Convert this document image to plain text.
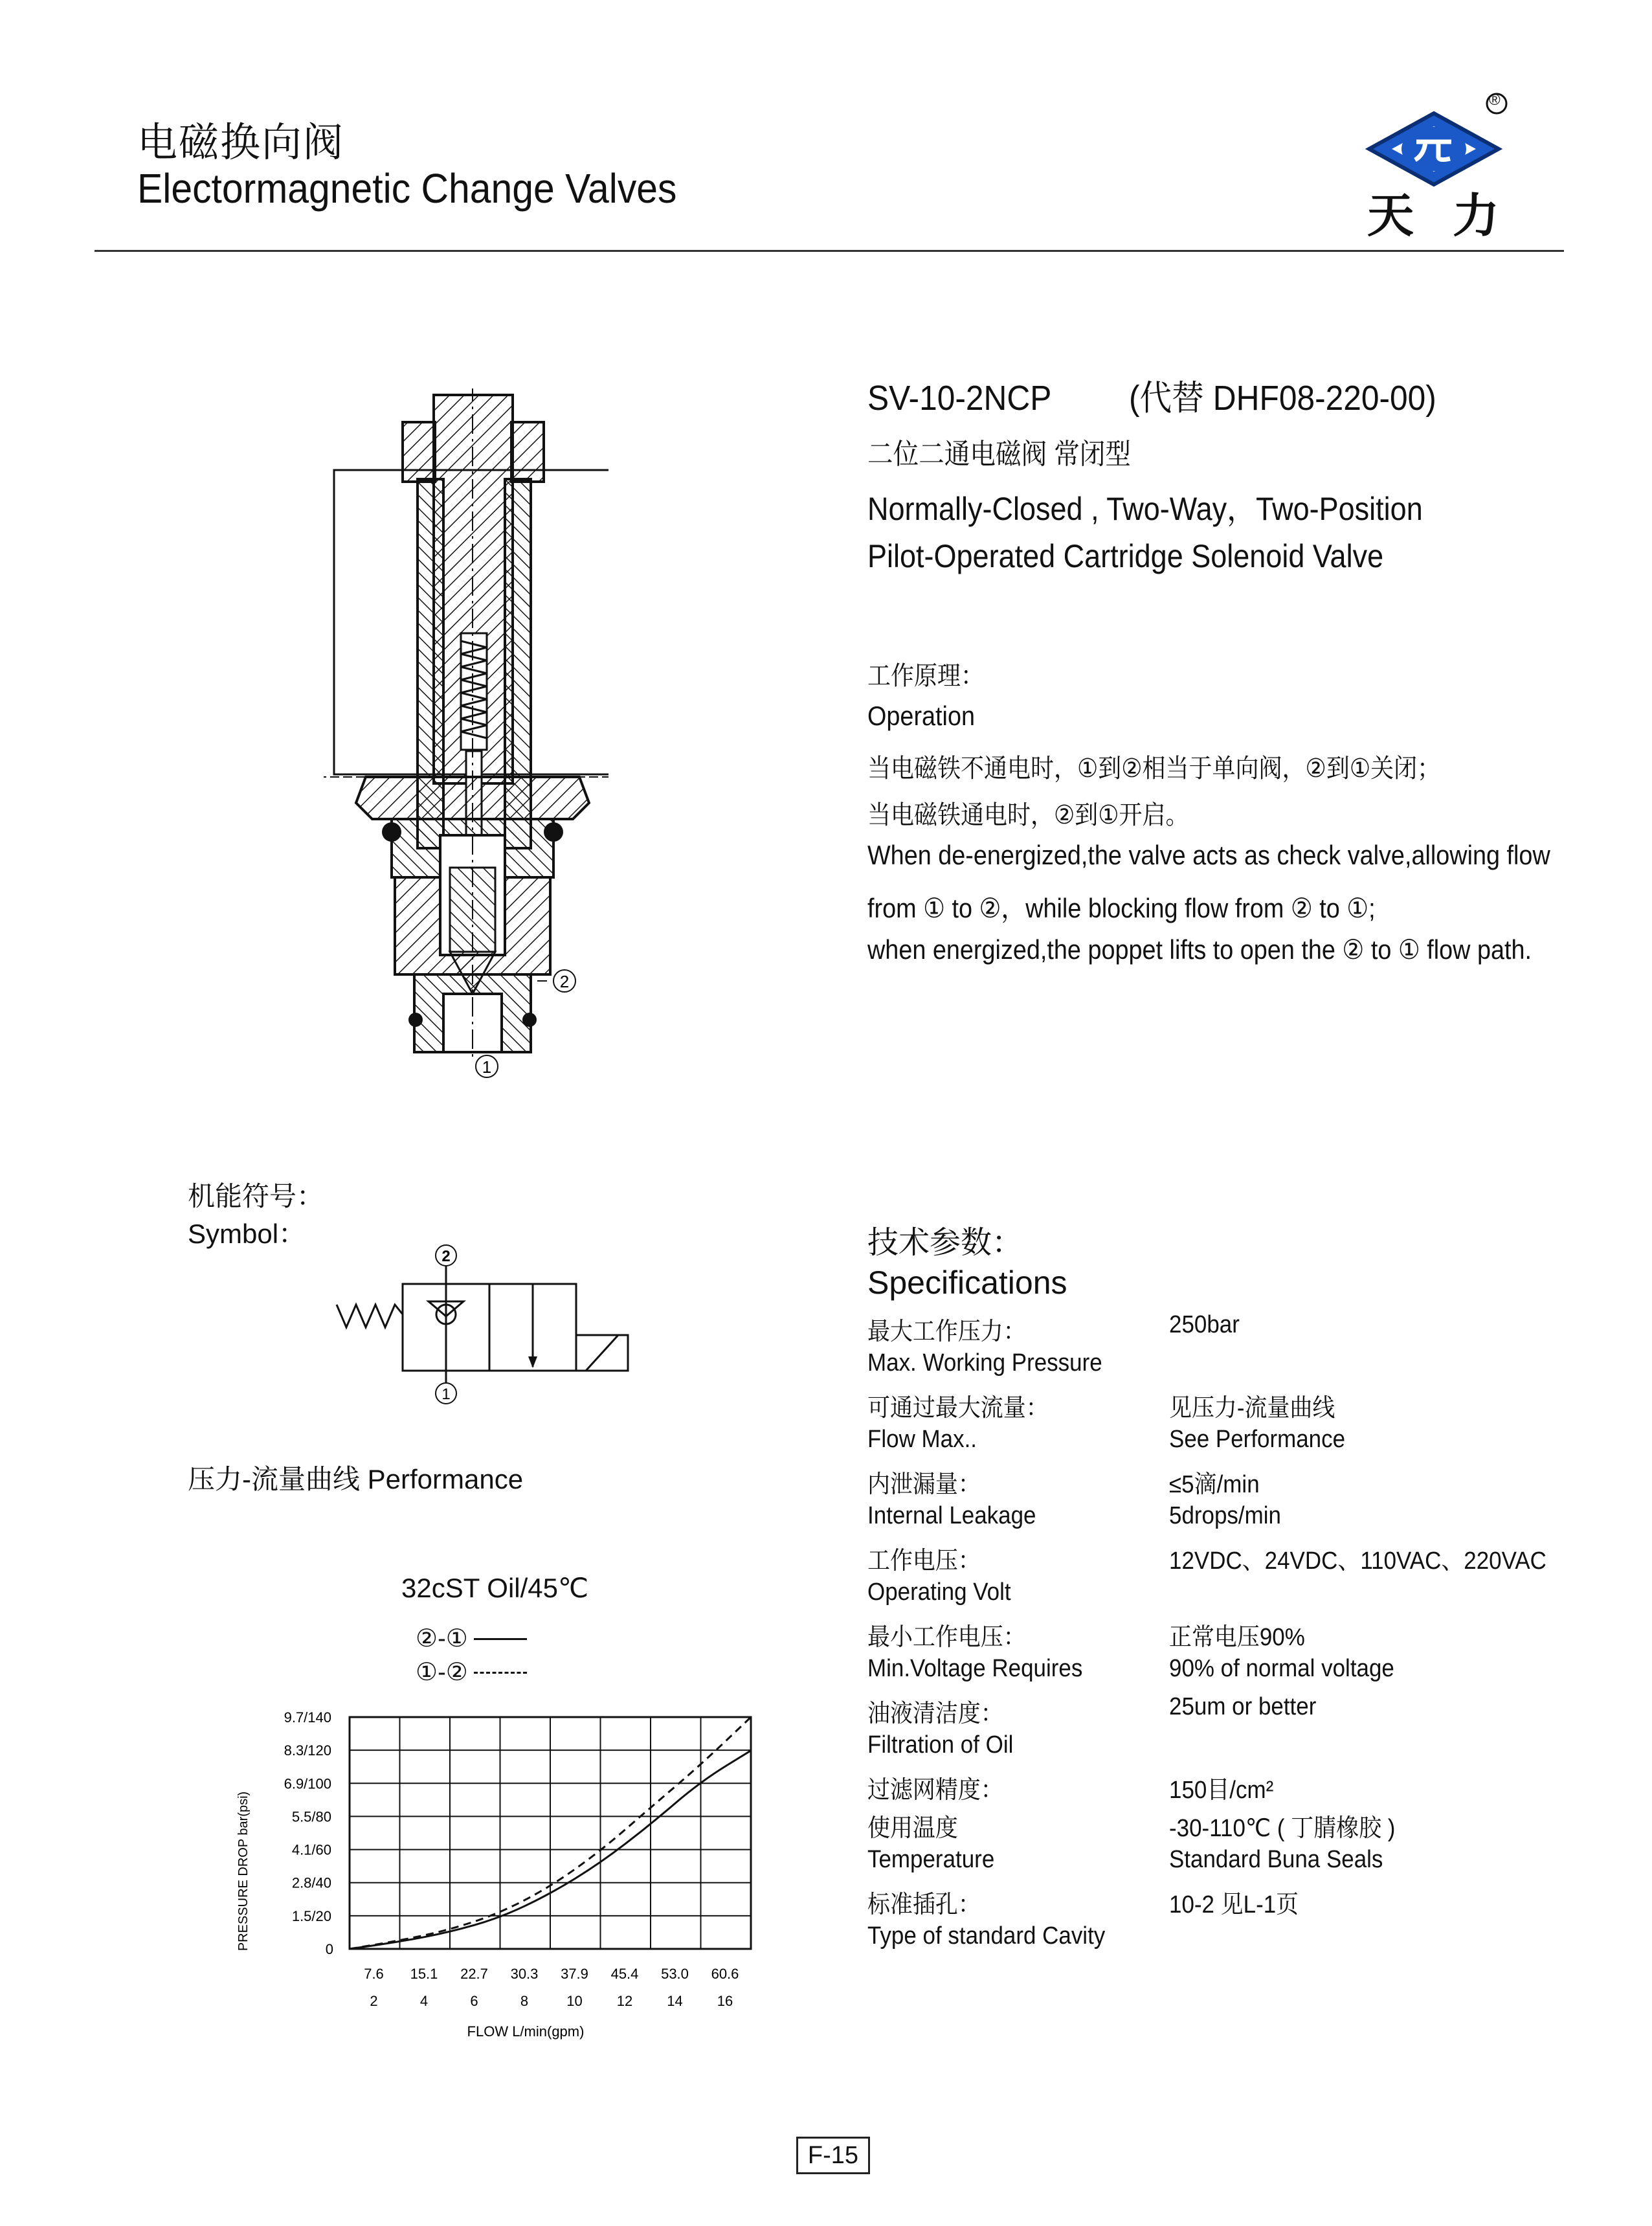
电磁换向阀
Electormagnetic Change Valves
®
天力
2
1
SV-10-2NCP (代替 DHF08-220-00)
二位二通电磁阀 常闭型
Normally-Closed , Two-Way，Two-Position
Pilot-Operated Cartridge Solenoid Valve
工作原理：
Operation
当电磁铁不通电时，①到②相当于单向阀，②到①关闭；
当电磁铁通电时，②到①开启。
When de-energized,the valve acts as check valve,allowing flow
from ① to ②，while blocking flow from ② to ①;
when energized,the poppet lifts to open the ② to ① flow path.
机能符号：
Symbol：
2
1
压力-流量曲线 Performance
32cST Oil/45℃
②-①
①-②
0
1.5/20
2.8/40
4.1/60
5.5/80
6.9/100
8.3/120
9.7/140
7.6 15.1 22.7 30.3 37.9 45.4 53.0 60.6
2	4	6	8	10 12 14 16
PRESSURE DROP bar(psi)
FLOW L/min(gpm)
技术参数：
Specifications
最大工作压力：	250bar
Max. Working Pressure
可通过最大流量：	见压力-流量曲线
Flow Max..	See Performance
内泄漏量：	≤5滴/min
Internal Leakage	5drops/min
工作电压：	12VDC、24VDC、110VAC、220VAC
Operating Volt
最小工作电压：	正常电压90%
Min.Voltage Requires	90% of normal voltage
油液清洁度：	25um or better
Filtration of Oil
过滤网精度：	150目/cm²
使用温度	-30-110℃ ( 丁腈橡胶 )
Temperature	Standard Buna Seals
标准插孔：	10-2 见L-1页
Type of standard Cavity
F-15
